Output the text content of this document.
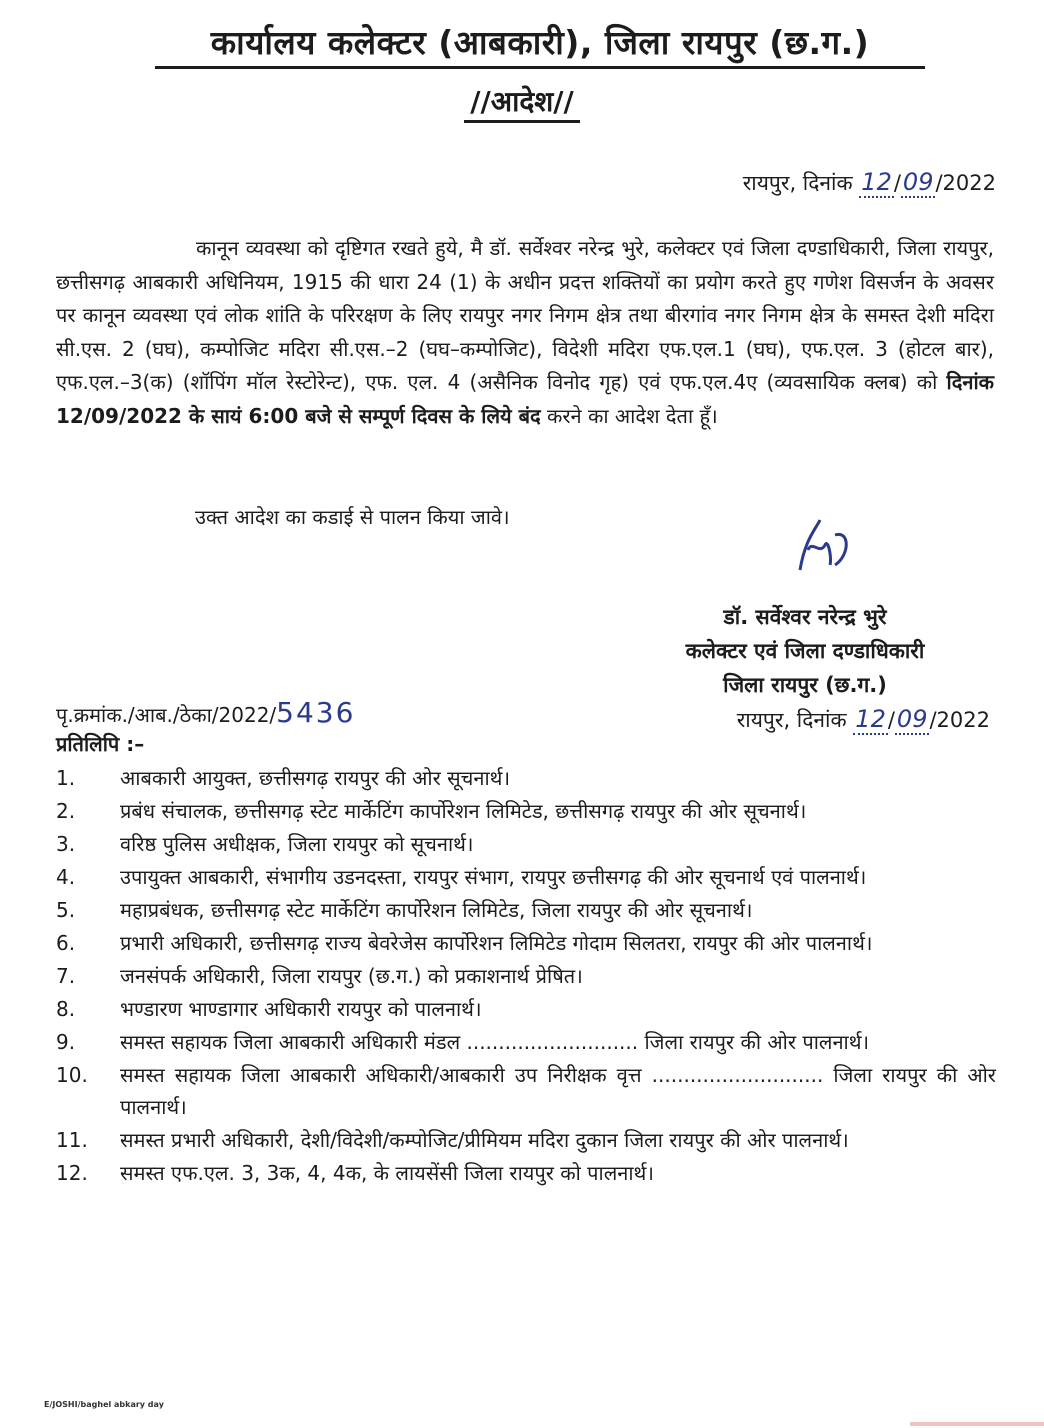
कार्यालय कलेक्टर (आबकारी), जिला रायपुर (छ.ग.)
//आदेश//
रायपुर, दिनांक 12/09/2022
कानून व्यवस्था को दृष्टिगत रखते हुये, मै डॉ. सर्वेश्वर नरेन्द्र भुरे, कलेक्टर एवं जिला दण्डाधिकारी, जिला रायपुर, छत्तीसगढ़ आबकारी अधिनियम, 1915 की धारा 24 (1) के अधीन प्रदत्त शक्तियों का प्रयोग करते हुए गणेश विसर्जन के अवसर पर कानून व्यवस्था एवं लोक शांति के परिरक्षण के लिए रायपुर नगर निगम क्षेत्र तथा बीरगांव नगर निगम क्षेत्र के समस्त देशी मदिरा सी.एस. 2 (घघ), कम्पोजिट मदिरा सी.एस.–2 (घघ–कम्पोजिट), विदेशी मदिरा एफ.एल.1 (घघ), एफ.एल. 3 (होटल बार), एफ.एल.–3(क) (शॉपिंग मॉल रेस्टोरेन्ट), एफ. एल. 4 (असैनिक विनोद गृह) एवं एफ.एल.4ए (व्यवसायिक क्लब) को दिनांक 12/09/2022 के सायं 6:00 बजे से सम्पूर्ण दिवस के लिये बंद करने का आदेश देता हूँ।
उक्त आदेश का कडाई से पालन किया जावे।
डॉ. सर्वेश्वर नरेन्द्र भुरे
कलेक्टर एवं जिला दण्डाधिकारी
जिला रायपुर (छ.ग.)
रायपुर, दिनांक 12/09/2022
पृ.क्रमांक./आब./ठेका/2022/5436
प्रतिलिपि :–
1.	आबकारी आयुक्त, छत्तीसगढ़ रायपुर की ओर सूचनार्थ।
2.	प्रबंध संचालक, छत्तीसगढ़ स्टेट मार्केटिंग कार्पोरेशन लिमिटेड, छत्तीसगढ़ रायपुर की ओर सूचनार्थ।
3.	वरिष्ठ पुलिस अधीक्षक, जिला रायपुर को सूचनार्थ।
4.	उपायुक्त आबकारी, संभागीय उडनदस्ता, रायपुर संभाग, रायपुर छत्तीसगढ़ की ओर सूचनार्थ एवं पालनार्थ।
5.	महाप्रबंधक, छत्तीसगढ़ स्टेट मार्केटिंग कार्पोरेशन लिमिटेड, जिला रायपुर की ओर सूचनार्थ।
6.	प्रभारी अधिकारी, छत्तीसगढ़ राज्य बेवरेजेस कार्पोरेशन लिमिटेड गोदाम सिलतरा, रायपुर की ओर पालनार्थ।
7.	जनसंपर्क अधिकारी, जिला रायपुर (छ.ग.) को प्रकाशनार्थ प्रेषित।
8.	भण्डारण भाण्डागार अधिकारी रायपुर को पालनार्थ।
9.	समस्त सहायक जिला आबकारी अधिकारी मंडल ........................... जिला रायपुर की ओर पालनार्थ।
10.	समस्त सहायक जिला आबकारी अधिकारी/आबकारी उप निरीक्षक वृत्त ........................... जिला रायपुर की ओर पालनार्थ।
11.	समस्त प्रभारी अधिकारी, देशी/विदेशी/कम्पोजिट/प्रीमियम मदिरा दुकान जिला रायपुर की ओर पालनार्थ।
12.	समस्त एफ.एल. 3, 3क, 4, 4क, के लायसेंसी जिला रायपुर को पालनार्थ।
E/JOSHI/baghel abkary day
